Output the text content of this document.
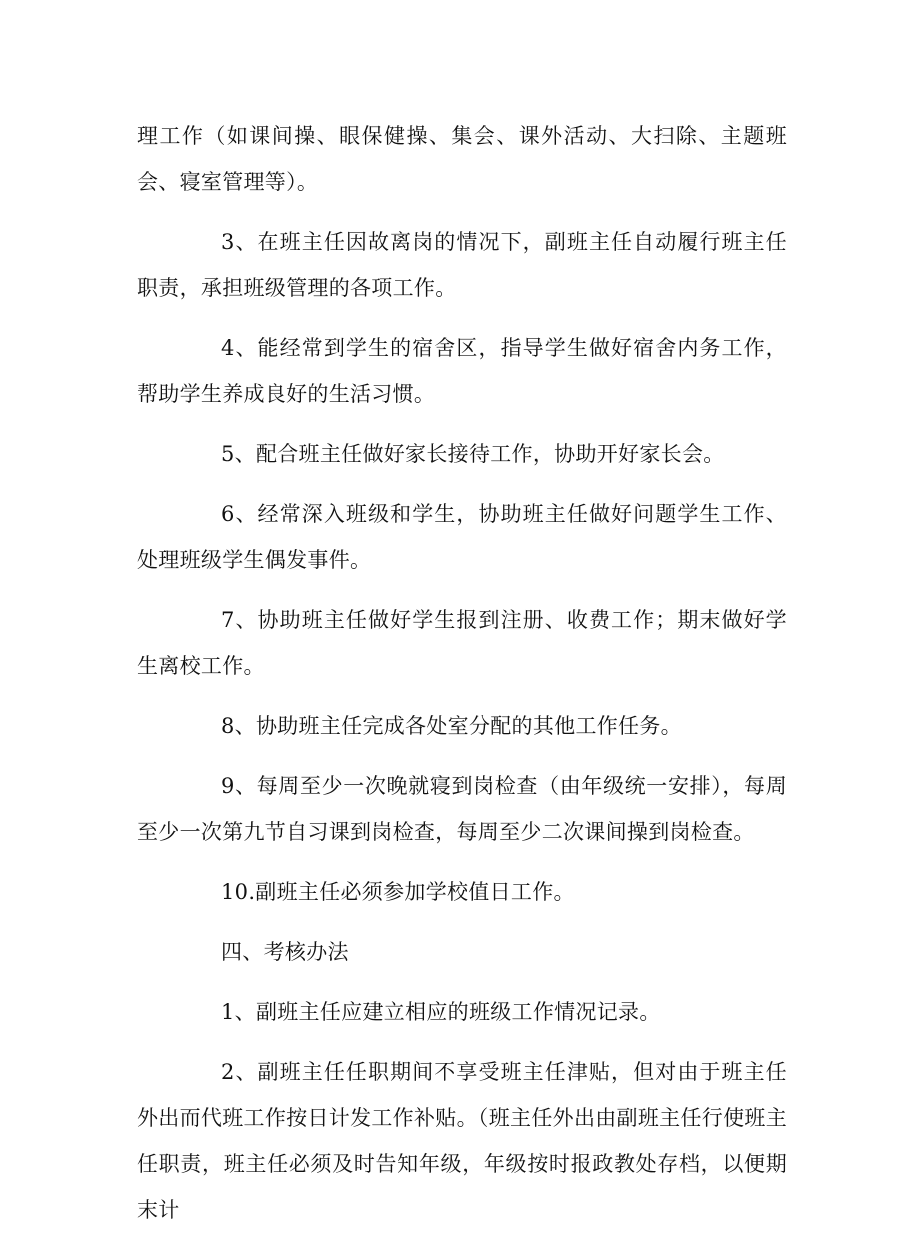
理工作（如课间操、眼保健操、集会、课外活动、大扫除、主题班会、寝室管理等）。

3、在班主任因故离岗的情况下，副班主任自动履行班主任职责，承担班级管理的各项工作。

4、能经常到学生的宿舍区，指导学生做好宿舍内务工作，帮助学生养成良好的生活习惯。

5、配合班主任做好家长接待工作，协助开好家长会。

6、经常深入班级和学生，协助班主任做好问题学生工作、处理班级学生偶发事件。

7、协助班主任做好学生报到注册、收费工作；期末做好学生离校工作。

8、协助班主任完成各处室分配的其他工作任务。

9、每周至少一次晚就寝到岗检查（由年级统一安排），每周至少一次第九节自习课到岗检查，每周至少二次课间操到岗检查。

10.副班主任必须参加学校值日工作。

四、考核办法

1、副班主任应建立相应的班级工作情况记录。

2、副班主任任职期间不享受班主任津贴，但对由于班主任外出而代班工作按日计发工作补贴。（班主任外出由副班主任行使班主任职责，班主任必须及时告知年级，年级按时报政教处存档，以便期末计
